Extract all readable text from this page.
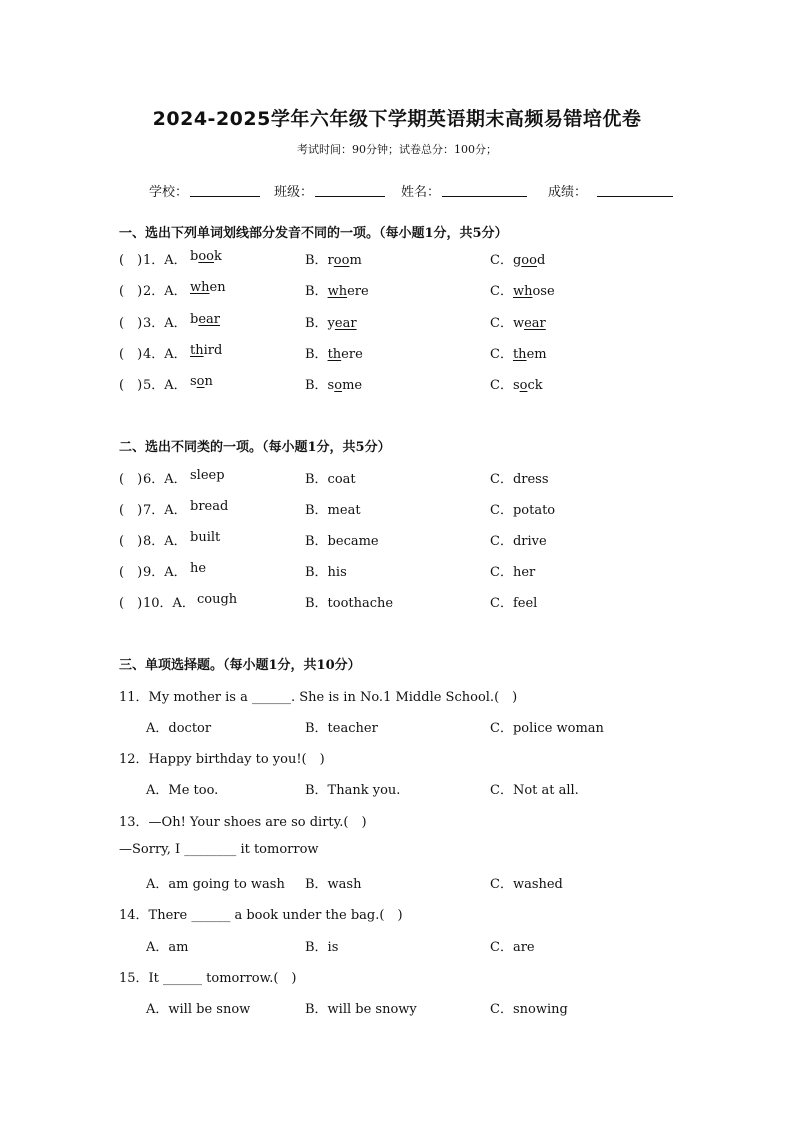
2024-2025学年六年级下学期英语期末高频易错培优卷
考试时间：90分钟；试卷总分：100分；
学校：	班级：	姓名：	成绩：
一、选出下列单词划线部分发音不同的一项。（每小题1分，共5分）
(　) 1．A． book	B．room	C．good
(　) 2．A． when	B．where	C．whose
(　) 3．A． bear	B．year	C．wear
(　) 4．A． third	B．there	C．them
(　) 5．A． son	B．some	C．sock
二、选出不同类的一项。（每小题1分，共5分）
(　) 6．A． sleep	B．coat	C．dress
(　) 7．A． bread	B．meat	C．potato
(　) 8．A． built	B．became	C．drive
(　) 9．A． he	B．his	C．her
(　) 10．A． cough	B．toothache	C．feel
三、单项选择题。（每小题1分，共10分）
11．My mother is a ______. She is in No.1 Middle School.(　)
A．doctor	B．teacher	C．police woman
12．Happy birthday to you!(　)
A．Me too.	B．Thank you.	C．Not at all.
13．—Oh! Your shoes are so dirty.(　)
—Sorry, I ________ it tomorrow
A．am going to wash B．wash	C．washed
14．There ______ a book under the bag.(　)
A．am	B．is	C．are
15．It ______ tomorrow.(　)
A．will be snow	B．will be snowy	C．snowing
